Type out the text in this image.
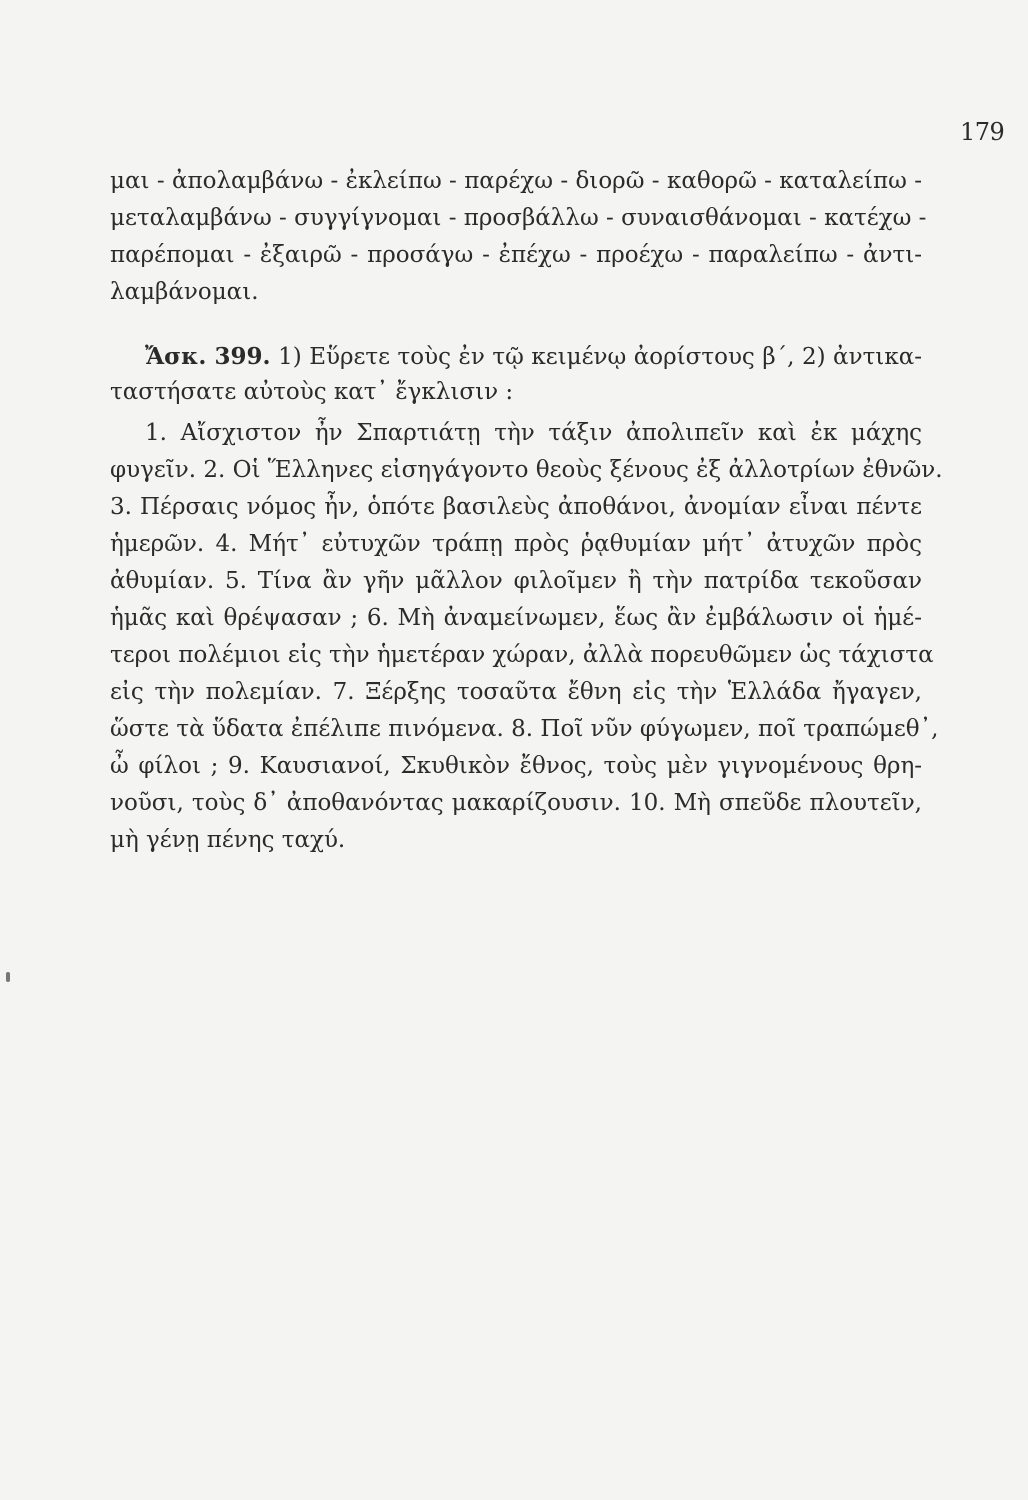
179
μαι - ἀπολαμβάνω - ἐκλείπω - παρέχω - διορῶ - καθορῶ - καταλείπω -
μεταλαμβάνω - συγγίγνομαι - προσβάλλω - συναισθάνομαι - κατέχω -
παρέπομαι - ἐξαιρῶ - προσάγω - ἐπέχω - προέχω - παραλείπω - ἀντι-
λαμβάνομαι.
Ἄσκ. 399. 1) Εὕρετε τοὺς ἐν τῷ κειμένῳ ἀορίστους β΄, 2) ἀντικα-
ταστήσατε αὐτοὺς κατ᾽ ἔγκλισιν :
1. Αἴσχιστον ἦν Σπαρτιάτῃ τὴν τάξιν ἀπολιπεῖν καὶ ἐκ μάχης
φυγεῖν. 2. Οἱ Ἕλληνες εἰσηγάγοντο θεοὺς ξένους ἐξ ἀλλοτρίων ἐθνῶν.
3. Πέρσαις νόμος ἦν, ὁπότε βασιλεὺς ἀποθάνοι, ἀνομίαν εἶναι πέντε
ἡμερῶν. 4. Μήτ᾽ εὐτυχῶν τράπῃ πρὸς ῥᾳθυμίαν μήτ᾽ ἀτυχῶν πρὸς
ἀθυμίαν. 5. Τίνα ἂν γῆν μᾶλλον φιλοῖμεν ἢ τὴν πατρίδα τεκοῦσαν
ἡμᾶς καὶ θρέψασαν ; 6. Μὴ ἀναμείνωμεν, ἕως ἂν ἐμβάλωσιν οἱ ἡμέ-
τεροι πολέμιοι εἰς τὴν ἡμετέραν χώραν, ἀλλὰ πορευθῶμεν ὡς τάχιστα
εἰς τὴν πολεμίαν. 7. Ξέρξης τοσαῦτα ἔθνη εἰς τὴν Ἑλλάδα ἤγαγεν,
ὥστε τὰ ὕδατα ἐπέλιπε πινόμενα. 8. Ποῖ νῦν φύγωμεν, ποῖ τραπώμεθ᾽,
ὦ φίλοι ; 9. Καυσιανοί, Σκυθικὸν ἔθνος, τοὺς μὲν γιγνομένους θρη-
νοῦσι, τοὺς δ᾽ ἀποθανόντας μακαρίζουσιν. 10. Μὴ σπεῦδε πλουτεῖν,
μὴ γένῃ πένης ταχύ.
